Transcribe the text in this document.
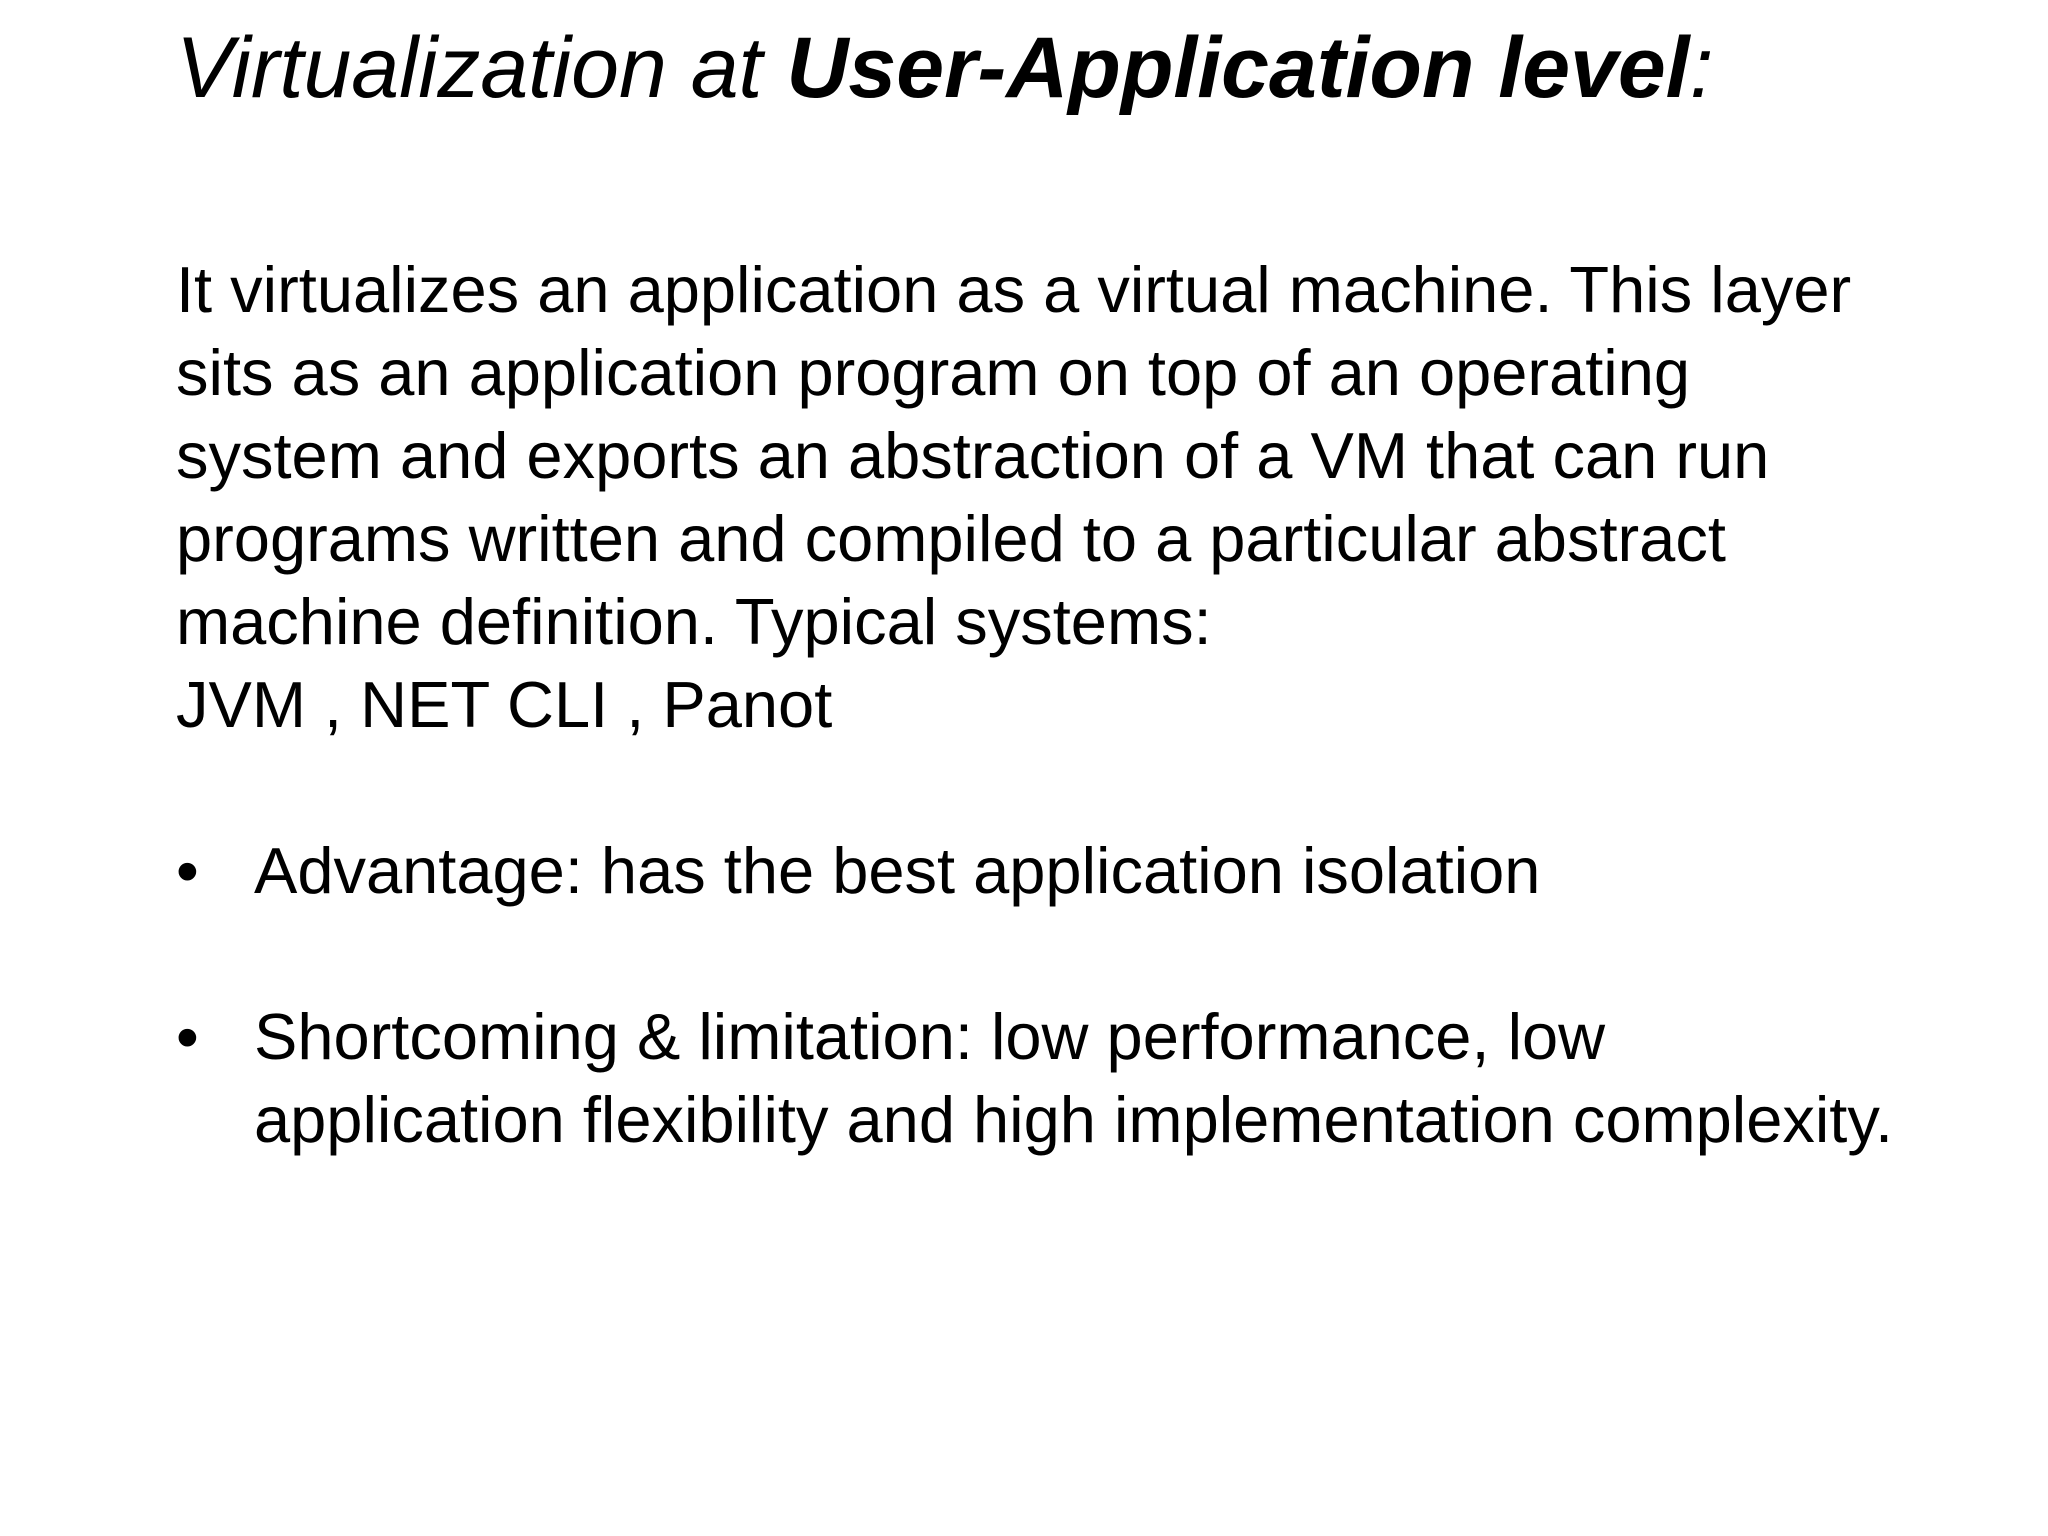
Virtualization at User-Application level:
It virtualizes an application as a virtual machine. This layer
sits as an application program on top of an operating
system and exports an abstraction of a VM that can run
programs written and compiled to a particular abstract
machine definition. Typical systems:
JVM , NET CLI , Panot
• Advantage: has the best application isolation
• Shortcoming & limitation: low performance, low
application flexibility and high implementation complexity.
